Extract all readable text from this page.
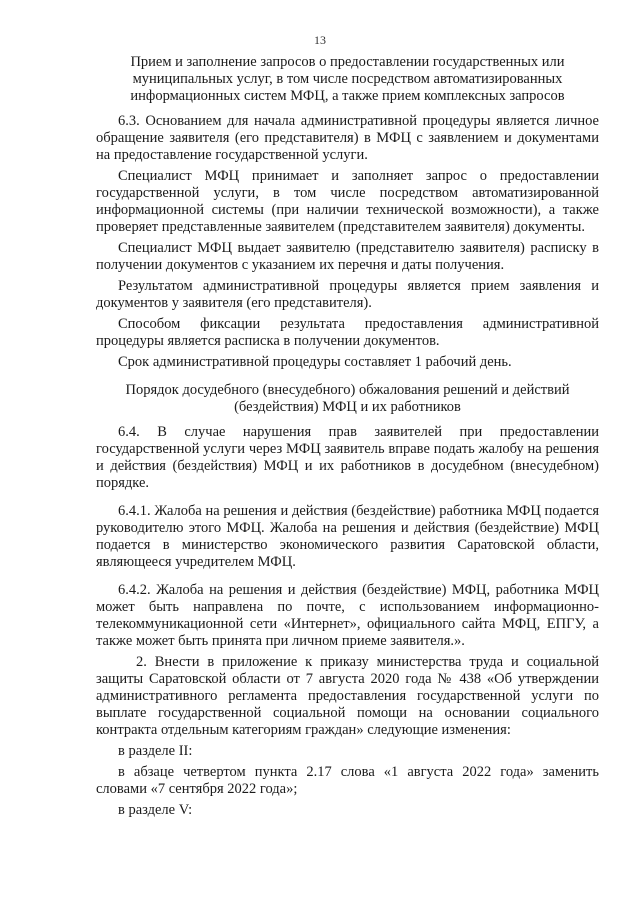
13
Прием и заполнение запросов о предоставлении государственных или муниципальных услуг, в том числе посредством автоматизированных информационных систем МФЦ, а также прием комплексных запросов
6.3. Основанием для начала административной процедуры является личное обращение заявителя (его представителя) в МФЦ с заявлением и документами на предоставление государственной услуги.
Специалист МФЦ принимает и заполняет запрос о предоставлении государственной услуги, в том числе посредством автоматизированной информационной системы (при наличии технической возможности), а также проверяет представленные заявителем (представителем заявителя) документы.
Специалист МФЦ выдает заявителю (представителю заявителя) расписку в получении документов с указанием их перечня и даты получения.
Результатом административной процедуры является прием заявления и документов у заявителя (его представителя).
Способом фиксации результата предоставления административной процедуры является расписка в получении документов.
Срок административной процедуры составляет 1 рабочий день.
Порядок досудебного (внесудебного) обжалования решений и действий (бездействия) МФЦ и их работников
6.4. В случае нарушения прав заявителей при предоставлении государственной услуги через МФЦ заявитель вправе подать жалобу на решения и действия (бездействия) МФЦ и их работников в досудебном (внесудебном) порядке.
6.4.1. Жалоба на решения и действия (бездействие) работника МФЦ подается руководителю этого МФЦ. Жалоба на решения и действия (бездействие) МФЦ подается в министерство экономического развития Саратовской области, являющееся учредителем МФЦ.
6.4.2. Жалоба на решения и действия (бездействие) МФЦ, работника МФЦ может быть направлена по почте, с использованием информационно-телекоммуникационной сети «Интернет», официального сайта МФЦ, ЕПГУ, а также может быть принята при личном приеме заявителя.».
2. Внести в приложение к приказу министерства труда и социальной защиты Саратовской области от 7 августа 2020 года № 438 «Об утверждении административного регламента предоставления государственной услуги по выплате государственной социальной помощи на основании социального контракта отдельным категориям граждан» следующие изменения:
в разделе II:
в абзаце четвертом пункта 2.17 слова «1 августа 2022 года» заменить словами «7 сентября 2022 года»;
в разделе V:
